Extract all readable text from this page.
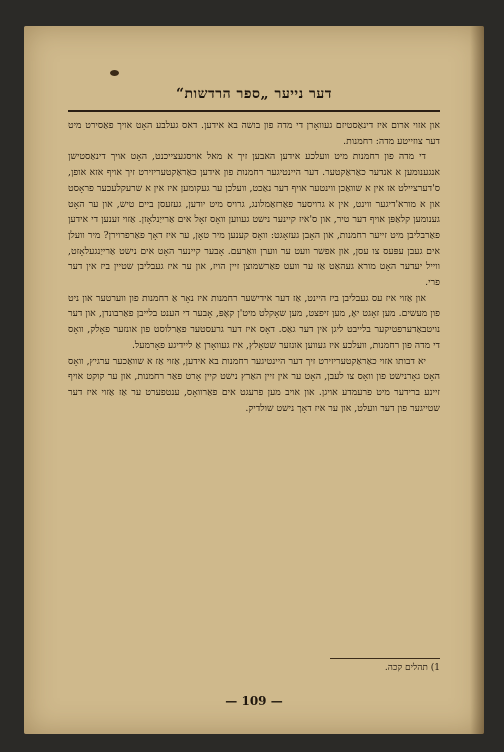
דער נייער „ספר הרדשות“

און אזוי ארום איז דינאַסטיזם געוואָרן די מדה פון בושה בא אידען. דאס געלבע האָט אויך פאַסירט מיט דער צוזייטע מדה: רחמנות.

די מדה פון רחמנות מיט וועלכע אידען האבען זיך א מאל אויסגעצייכנט, האָט אויך דינאַסטישן אנגענומען א אנדער כאַראַקטער. דער היינטיגער רחמנות פון אידען כאַראַקטעריזירט זיך אויף אזא אופן, ס'דערציילט אז אין א שוואַכן ווינטער אויף דער נאַכט, וועלכן ער געקומען איז אין א שרעקלעכער פראָסט און א מורא'דיגער ווינט, אין א גרויסער פאַרזאַמלונג, גרויס מיט יודען, געזעסן ביים טיש, און ער האָט גענומען קלאַפּן אויף דער טיר, און ס'איז קיינער נישט געווען וואָס זאָל אים אַרייַנלאָזן. אַזוי זענען די אידען פאַרבליבן מיט זייער רחמנות, און האָבן געזאָגט: וואָס קענען מיר טאָן, ער איז דאָך פאַרפרוירן? מיר וועלן אים געבן עפּעס צו עסן, און אפשר וועט ער ווערן וואַרעם. אָבער קיינער האָט אים נישט אַרייַנגעלאָזט, ווייל יעדער האָט מורא געהאַט אַז ער וועט פאַרשמוצן זיין הויז, און ער איז געבליבן שטיין ביז אין דער פרי.

און אַזוי איז עס געבליבן ביז היינט, אַז דער אידישער רחמנות איז נאָר אַ רחמנות פון ווערטער און ניט פון מעשים. מען זאָגט יאָ, מען זיפצט, מען שאָקלט מיט'ן קאָפּ, אָבער די הענט בלייבן פאַרבונדן, און דער נויטבאַדערפטיקער בלייבט ליגן אין דער גאַס. דאָס איז דער גרעסטער פאַרלוסט פון אונזער פאָלק, וואָס די מדה פון רחמנות, וועלכע איז געווען אונזער שטאָלץ, איז געוואָרן אַ ליידיגע פאָרמעל.

יא דבותו אזוי כאַראַקטעריזירט זיך דער היינטיגער רחמנות בא אידען, אַזוי אַז א שוואַכער ערגיץ, וואָס האָט גאָרנישט פון וואָס צו לעבן, האָט ער אין זיין האַרץ נישט קיין אָרט פאַר רחמנות, און ער קוקט אויף זיינע ברידער מיט פרעמדע אויגן. און אויב מען פרעגט אים פאַרוואָס, ענטפערט ער אַז אַזוי איז דער שטייגער פון דער וועלט, און ער איז דאָך נישט שולדיק.

1) תהלים קכה.
— 109 —
